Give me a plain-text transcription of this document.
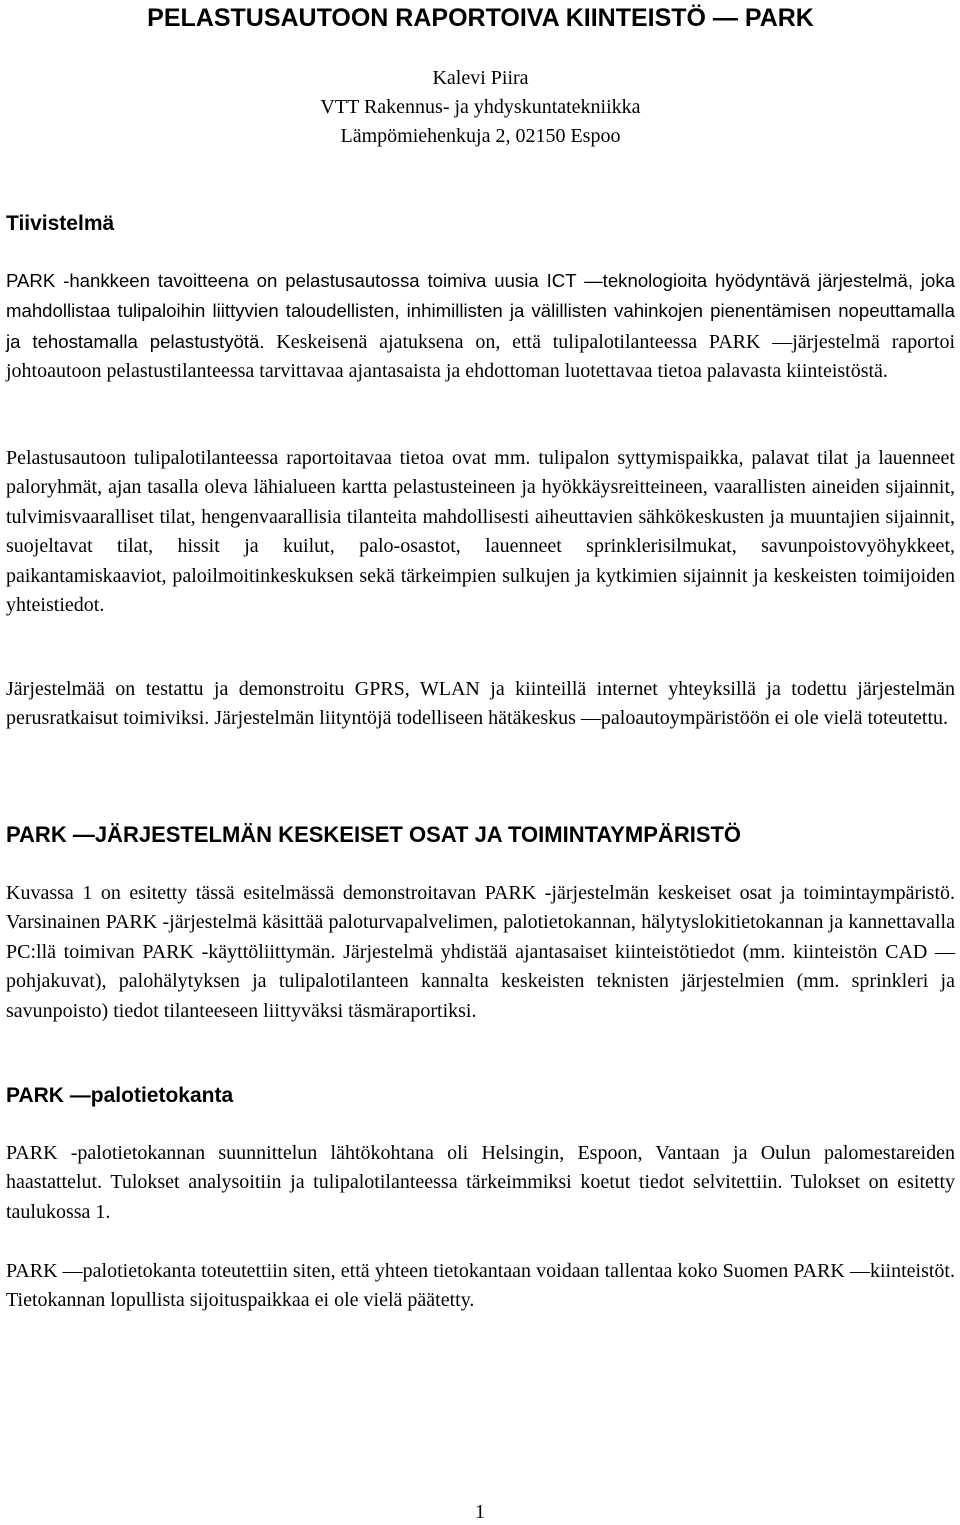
PELASTUSAUTOON RAPORTOIVA KIINTEISTÖ — PARK
Kalevi Piira
VTT Rakennus- ja yhdyskuntatekniikka
Lämpömiehenkuja 2, 02150 Espoo
Tiivistelmä

PARK -hankkeen tavoitteena on pelastusautossa toimiva uusia ICT —teknologioita hyödyntävä järjestelmä, joka mahdollistaa tulipaloihin liittyvien taloudellisten, inhimillisten ja välillisten vahinkojen pienentämisen nopeuttamalla ja tehostamalla pelastustyötä. Keskeisenä ajatuksena on, että tulipalotilanteessa PARK —järjestelmä raportoi johtoautoon pelastustilanteessa tarvittavaa ajantasaista ja ehdottoman luotettavaa tietoa palavasta kiinteistöstä.

Pelastusautoon tulipalotilanteessa raportoitavaa tietoa ovat mm. tulipalon syttymispaikka, palavat tilat ja lauenneet paloryhmät, ajan tasalla oleva lähialueen kartta pelastusteineen ja hyökkäysreitteineen, vaarallisten aineiden sijainnit, tulvimisvaaralliset tilat, hengenvaarallisia tilanteita mahdollisesti aiheuttavien sähkökeskusten ja muuntajien sijainnit, suojeltavat tilat, hissit ja kuilut, palo-osastot, lauenneet sprinklerisilmukat, savunpoistovyöhykkeet, paikantamiskaaviot, paloilmoitinkeskuksen sekä tärkeimpien sulkujen ja kytkimien sijainnit ja keskeisten toimijoiden yhteistiedot.

Järjestelmää on testattu ja demonstroitu GPRS, WLAN ja kiinteillä internet yhteyksillä ja todettu järjestelmän perusratkaisut toimiviksi. Järjestelmän liityntöjä todelliseen hätäkeskus —paloautoympäristöön ei ole vielä toteutettu.

PARK —JÄRJESTELMÄN KESKEISET OSAT JA TOIMINTAYMPÄRISTÖ

Kuvassa 1 on esitetty tässä esitelmässä demonstroitavan PARK -järjestelmän keskeiset osat ja toimintaympäristö. Varsinainen PARK -järjestelmä käsittää paloturvapalvelimen, palotietokannan, hälytyslokitietokannan ja kannettavalla PC:llä toimivan PARK -käyttöliittymän. Järjestelmä yhdistää ajantasaiset kiinteistötiedot (mm. kiinteistön CAD —pohjakuvat), palohälytyksen ja tulipalotilanteen kannalta keskeisten teknisten järjestelmien (mm. sprinkleri ja savunpoisto) tiedot tilanteeseen liittyväksi täsmäraportiksi.

PARK —palotietokanta

PARK -palotietokannan suunnittelun lähtökohtana oli Helsingin, Espoon, Vantaan ja Oulun palomestareiden haastattelut. Tulokset analysoitiin ja tulipalotilanteessa tärkeimmiksi koetut tiedot selvitettiin. Tulokset on esitetty taulukossa 1.

PARK —palotietokanta toteutettiin siten, että yhteen tietokantaan voidaan tallentaa koko Suomen PARK —kiinteistöt. Tietokannan lopullista sijoituspaikkaa ei ole vielä päätetty.

1
